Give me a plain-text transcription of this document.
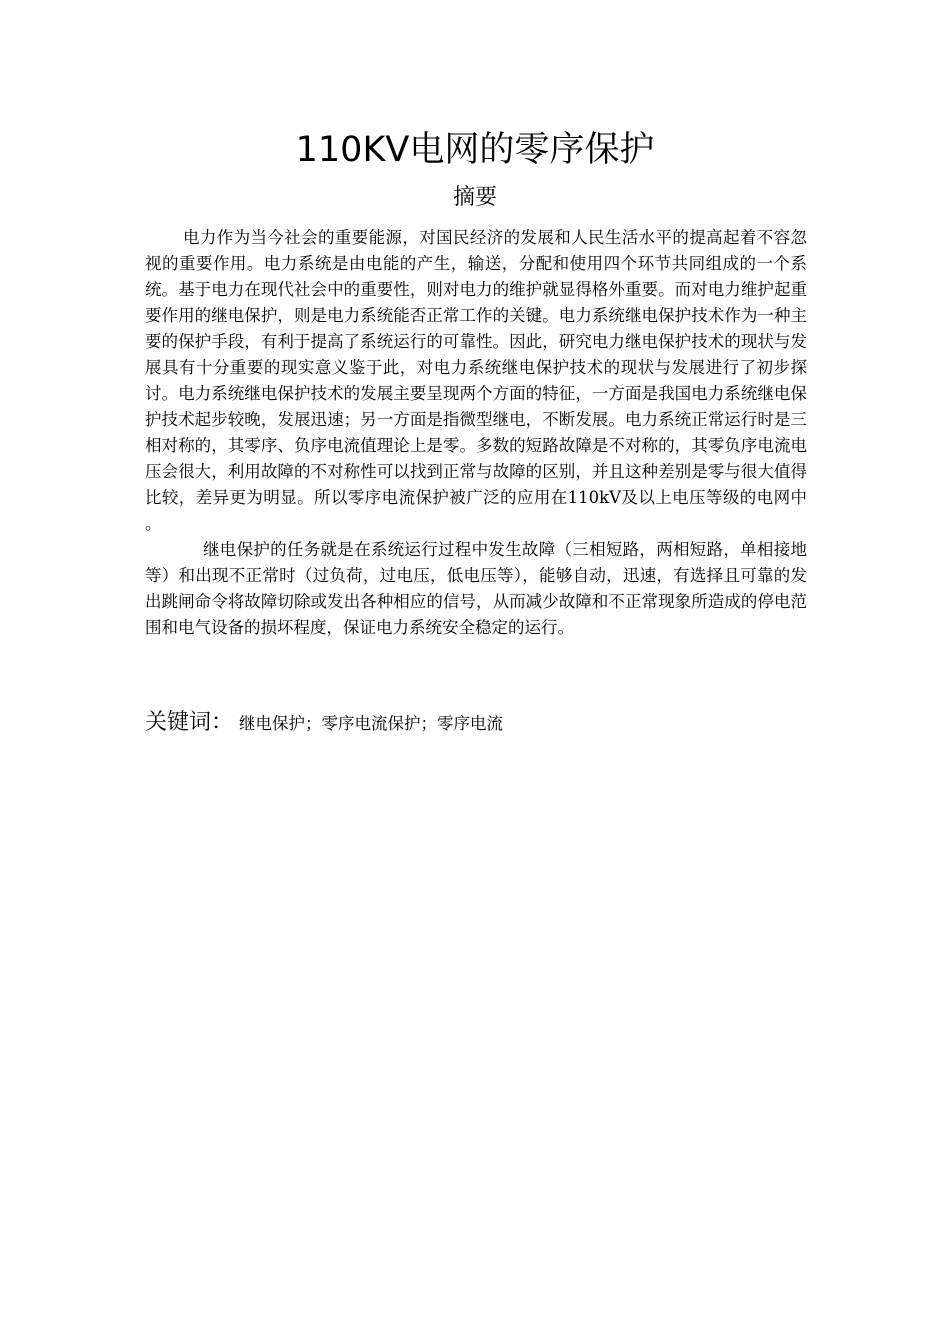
110KV电网的零序保护
摘要

电力作为当今社会的重要能源，对国民经济的发展和人民生活水平的提高起着不容忽视的重要作用。电力系统是由电能的产生，输送，分配和使用四个环节共同组成的一个系统。基于电力在现代社会中的重要性，则对电力的维护就显得格外重要。而对电力维护起重要作用的继电保护，则是电力系统能否正常工作的关键。电力系统继电保护技术作为一种主要的保护手段，有利于提高了系统运行的可靠性。因此，研究电力继电保护技术的现状与发展具有十分重要的现实意义鉴于此，对电力系统继电保护技术的现状与发展进行了初步探讨。电力系统继电保护技术的发展主要呈现两个方面的特征，一方面是我国电力系统继电保护技术起步较晚，发展迅速；另一方面是指微型继电，不断发展。电力系统正常运行时是三相对称的，其零序、负序电流值理论上是零。多数的短路故障是不对称的，其零负序电流电压会很大，利用故障的不对称性可以找到正常与故障的区别，并且这种差别是零与很大值得比较，差异更为明显。所以零序电流保护被广泛的应用在110kV及以上电压等级的电网中 。

继电保护的任务就是在系统运行过程中发生故障（三相短路，两相短路，单相接地等）和出现不正常时（过负荷，过电压，低电压等），能够自动，迅速，有选择且可靠的发出跳闸命令将故障切除或发出各种相应的信号，从而减少故障和不正常现象所造成的停电范围和电气设备的损坏程度，保证电力系统安全稳定的运行。

关键词： 继电保护；零序电流保护；零序电流
